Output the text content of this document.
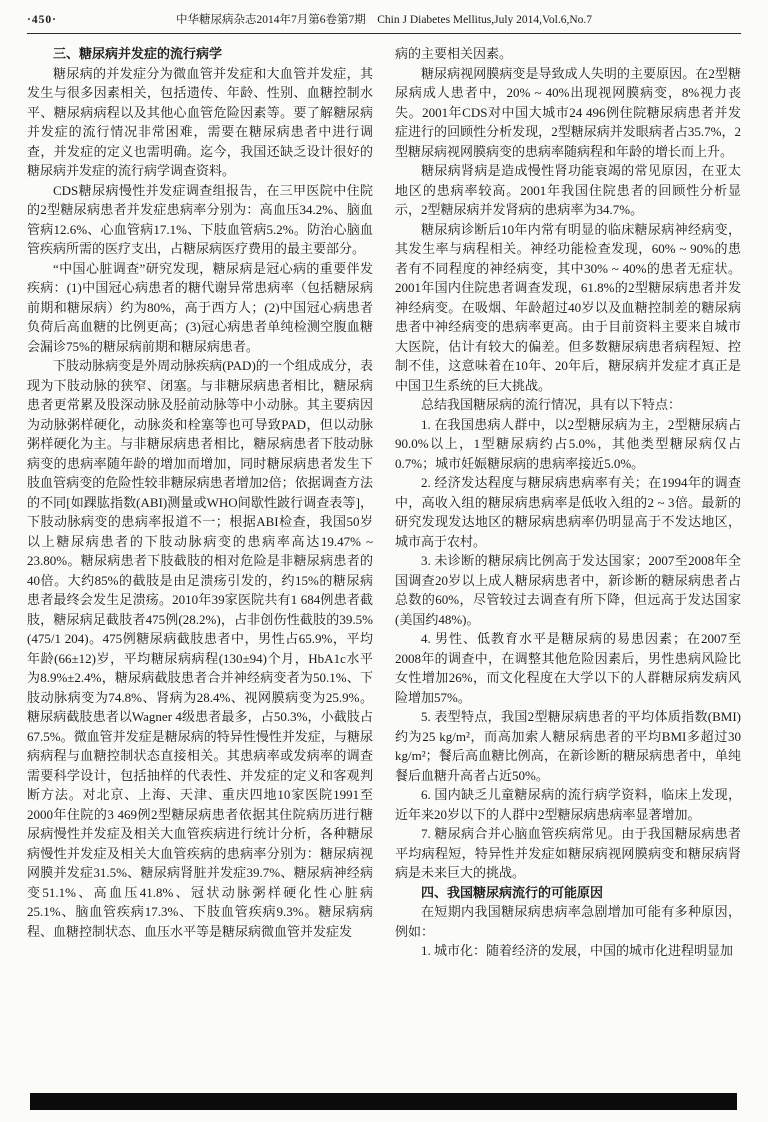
·450·	中华糖尿病杂志2014年7月第6卷第7期　Chin J Diabetes Mellitus,July 2014,Vol.6,No.7

三、糖尿病并发症的流行病学

糖尿病的并发症分为微血管并发症和大血管并发症，其发生与很多因素相关，包括遗传、年龄、性别、血糖控制水平、糖尿病病程以及其他心血管危险因素等。要了解糖尿病并发症的流行情况非常困难，需要在糖尿病患者中进行调查，并发症的定义也需明确。迄今，我国还缺乏设计很好的糖尿病并发症的流行病学调查资料。

CDS糖尿病慢性并发症调查组报告，在三甲医院中住院的2型糖尿病患者并发症患病率分别为：高血压34.2%、脑血管病12.6%、心血管病17.1%、下肢血管病5.2%。防治心脑血管疾病所需的医疗支出，占糖尿病医疗费用的最主要部分。

“中国心脏调查”研究发现，糖尿病是冠心病的重要伴发疾病：(1)中国冠心病患者的糖代谢异常患病率（包括糖尿病前期和糖尿病）约为80%，高于西方人；(2)中国冠心病患者负荷后高血糖的比例更高；(3)冠心病患者单纯检测空腹血糖会漏诊75%的糖尿病前期和糖尿病患者。

下肢动脉病变是外周动脉疾病(PAD)的一个组成成分，表现为下肢动脉的狭窄、闭塞。与非糖尿病患者相比，糖尿病患者更常累及股深动脉及胫前动脉等中小动脉。其主要病因为动脉粥样硬化，动脉炎和栓塞等也可导致PAD，但以动脉粥样硬化为主。与非糖尿病患者相比，糖尿病患者下肢动脉病变的患病率随年龄的增加而增加，同时糖尿病患者发生下肢血管病变的危险性较非糖尿病患者增加2倍；依据调查方法的不同[如踝肱指数(ABI)测量或WHO间歇性跛行调查表等]，下肢动脉病变的患病率报道不一；根据ABI检查，我国50岁以上糖尿病患者的下肢动脉病变的患病率高达19.47% ~ 23.80%。糖尿病患者下肢截肢的相对危险是非糖尿病患者的40倍。大约85%的截肢是由足溃疡引发的，约15%的糖尿病患者最终会发生足溃疡。2010年39家医院共有1 684例患者截肢，糖尿病足截肢者475例(28.2%)，占非创伤性截肢的39.5%(475/1 204)。475例糖尿病截肢患者中，男性占65.9%，平均年龄(66±12)岁，平均糖尿病病程(130±94)个月，HbA1c水平为8.9%±2.4%，糖尿病截肢患者合并神经病变者为50.1%、下肢动脉病变为74.8%、肾病为28.4%、视网膜病变为25.9%。糖尿病截肢患者以Wagner 4级患者最多，占50.3%，小截肢占67.5%。微血管并发症是糖尿病的特异性慢性并发症，与糖尿病病程与血糖控制状态直接相关。其患病率或发病率的调查需要科学设计，包括抽样的代表性、并发症的定义和客观判断方法。对北京、上海、天津、重庆四地10家医院1991至2000年住院的3 469例2型糖尿病患者依据其住院病历进行糖尿病慢性并发症及相关大血管疾病进行统计分析，各种糖尿病慢性并发症及相关大血管疾病的患病率分别为：糖尿病视网膜并发症31.5%、糖尿病肾脏并发症39.7%、糖尿病神经病变51.1%、高血压41.8%、冠状动脉粥样硬化性心脏病25.1%、脑血管疾病17.3%、下肢血管疾病9.3%。糖尿病病程、血糖控制状态、血压水平等是糖尿病微血管并发症发

病的主要相关因素。

糖尿病视网膜病变是导致成人失明的主要原因。在2型糖尿病成人患者中，20% ~ 40%出现视网膜病变，8%视力丧失。2001年CDS对中国大城市24 496例住院糖尿病患者并发症进行的回顾性分析发现，2型糖尿病并发眼病者占35.7%，2型糖尿病视网膜病变的患病率随病程和年龄的增长而上升。

糖尿病肾病是造成慢性肾功能衰竭的常见原因，在亚太地区的患病率较高。2001年我国住院患者的回顾性分析显示，2型糖尿病并发肾病的患病率为34.7%。

糖尿病诊断后10年内常有明显的临床糖尿病神经病变，其发生率与病程相关。神经功能检查发现，60% ~ 90%的患者有不同程度的神经病变，其中30% ~ 40%的患者无症状。2001年国内住院患者调查发现，61.8%的2型糖尿病患者并发神经病变。在吸烟、年龄超过40岁以及血糖控制差的糖尿病患者中神经病变的患病率更高。由于目前资料主要来自城市大医院，估计有较大的偏差。但多数糖尿病患者病程短、控制不佳，这意味着在10年、20年后，糖尿病并发症才真正是中国卫生系统的巨大挑战。

总结我国糖尿病的流行情况，具有以下特点：

1. 在我国患病人群中，以2型糖尿病为主，2型糖尿病占90.0%以上，1型糖尿病约占5.0%，其他类型糖尿病仅占0.7%；城市妊娠糖尿病的患病率接近5.0%。

2. 经济发达程度与糖尿病患病率有关；在1994年的调查中，高收入组的糖尿病患病率是低收入组的2 ~ 3倍。最新的研究发现发达地区的糖尿病患病率仍明显高于不发达地区，城市高于农村。

3. 未诊断的糖尿病比例高于发达国家；2007至2008年全国调查20岁以上成人糖尿病患者中，新诊断的糖尿病患者占总数的60%，尽管较过去调查有所下降，但远高于发达国家(美国约48%)。

4. 男性、低教育水平是糖尿病的易患因素；在2007至2008年的调查中，在调整其他危险因素后，男性患病风险比女性增加26%，而文化程度在大学以下的人群糖尿病发病风险增加57%。

5. 表型特点，我国2型糖尿病患者的平均体质指数(BMI)约为25 kg/m²，而高加索人糖尿病患者的平均BMI多超过30 kg/m²；餐后高血糖比例高，在新诊断的糖尿病患者中，单纯餐后血糖升高者占近50%。

6. 国内缺乏儿童糖尿病的流行病学资料，临床上发现，近年来20岁以下的人群中2型糖尿病患病率显著增加。

7. 糖尿病合并心脑血管疾病常见。由于我国糖尿病患者平均病程短，特异性并发症如糖尿病视网膜病变和糖尿病肾病是未来巨大的挑战。

四、我国糖尿病流行的可能原因

在短期内我国糖尿病患病率急剧增加可能有多种原因，例如：

1. 城市化：随着经济的发展，中国的城市化进程明显加
